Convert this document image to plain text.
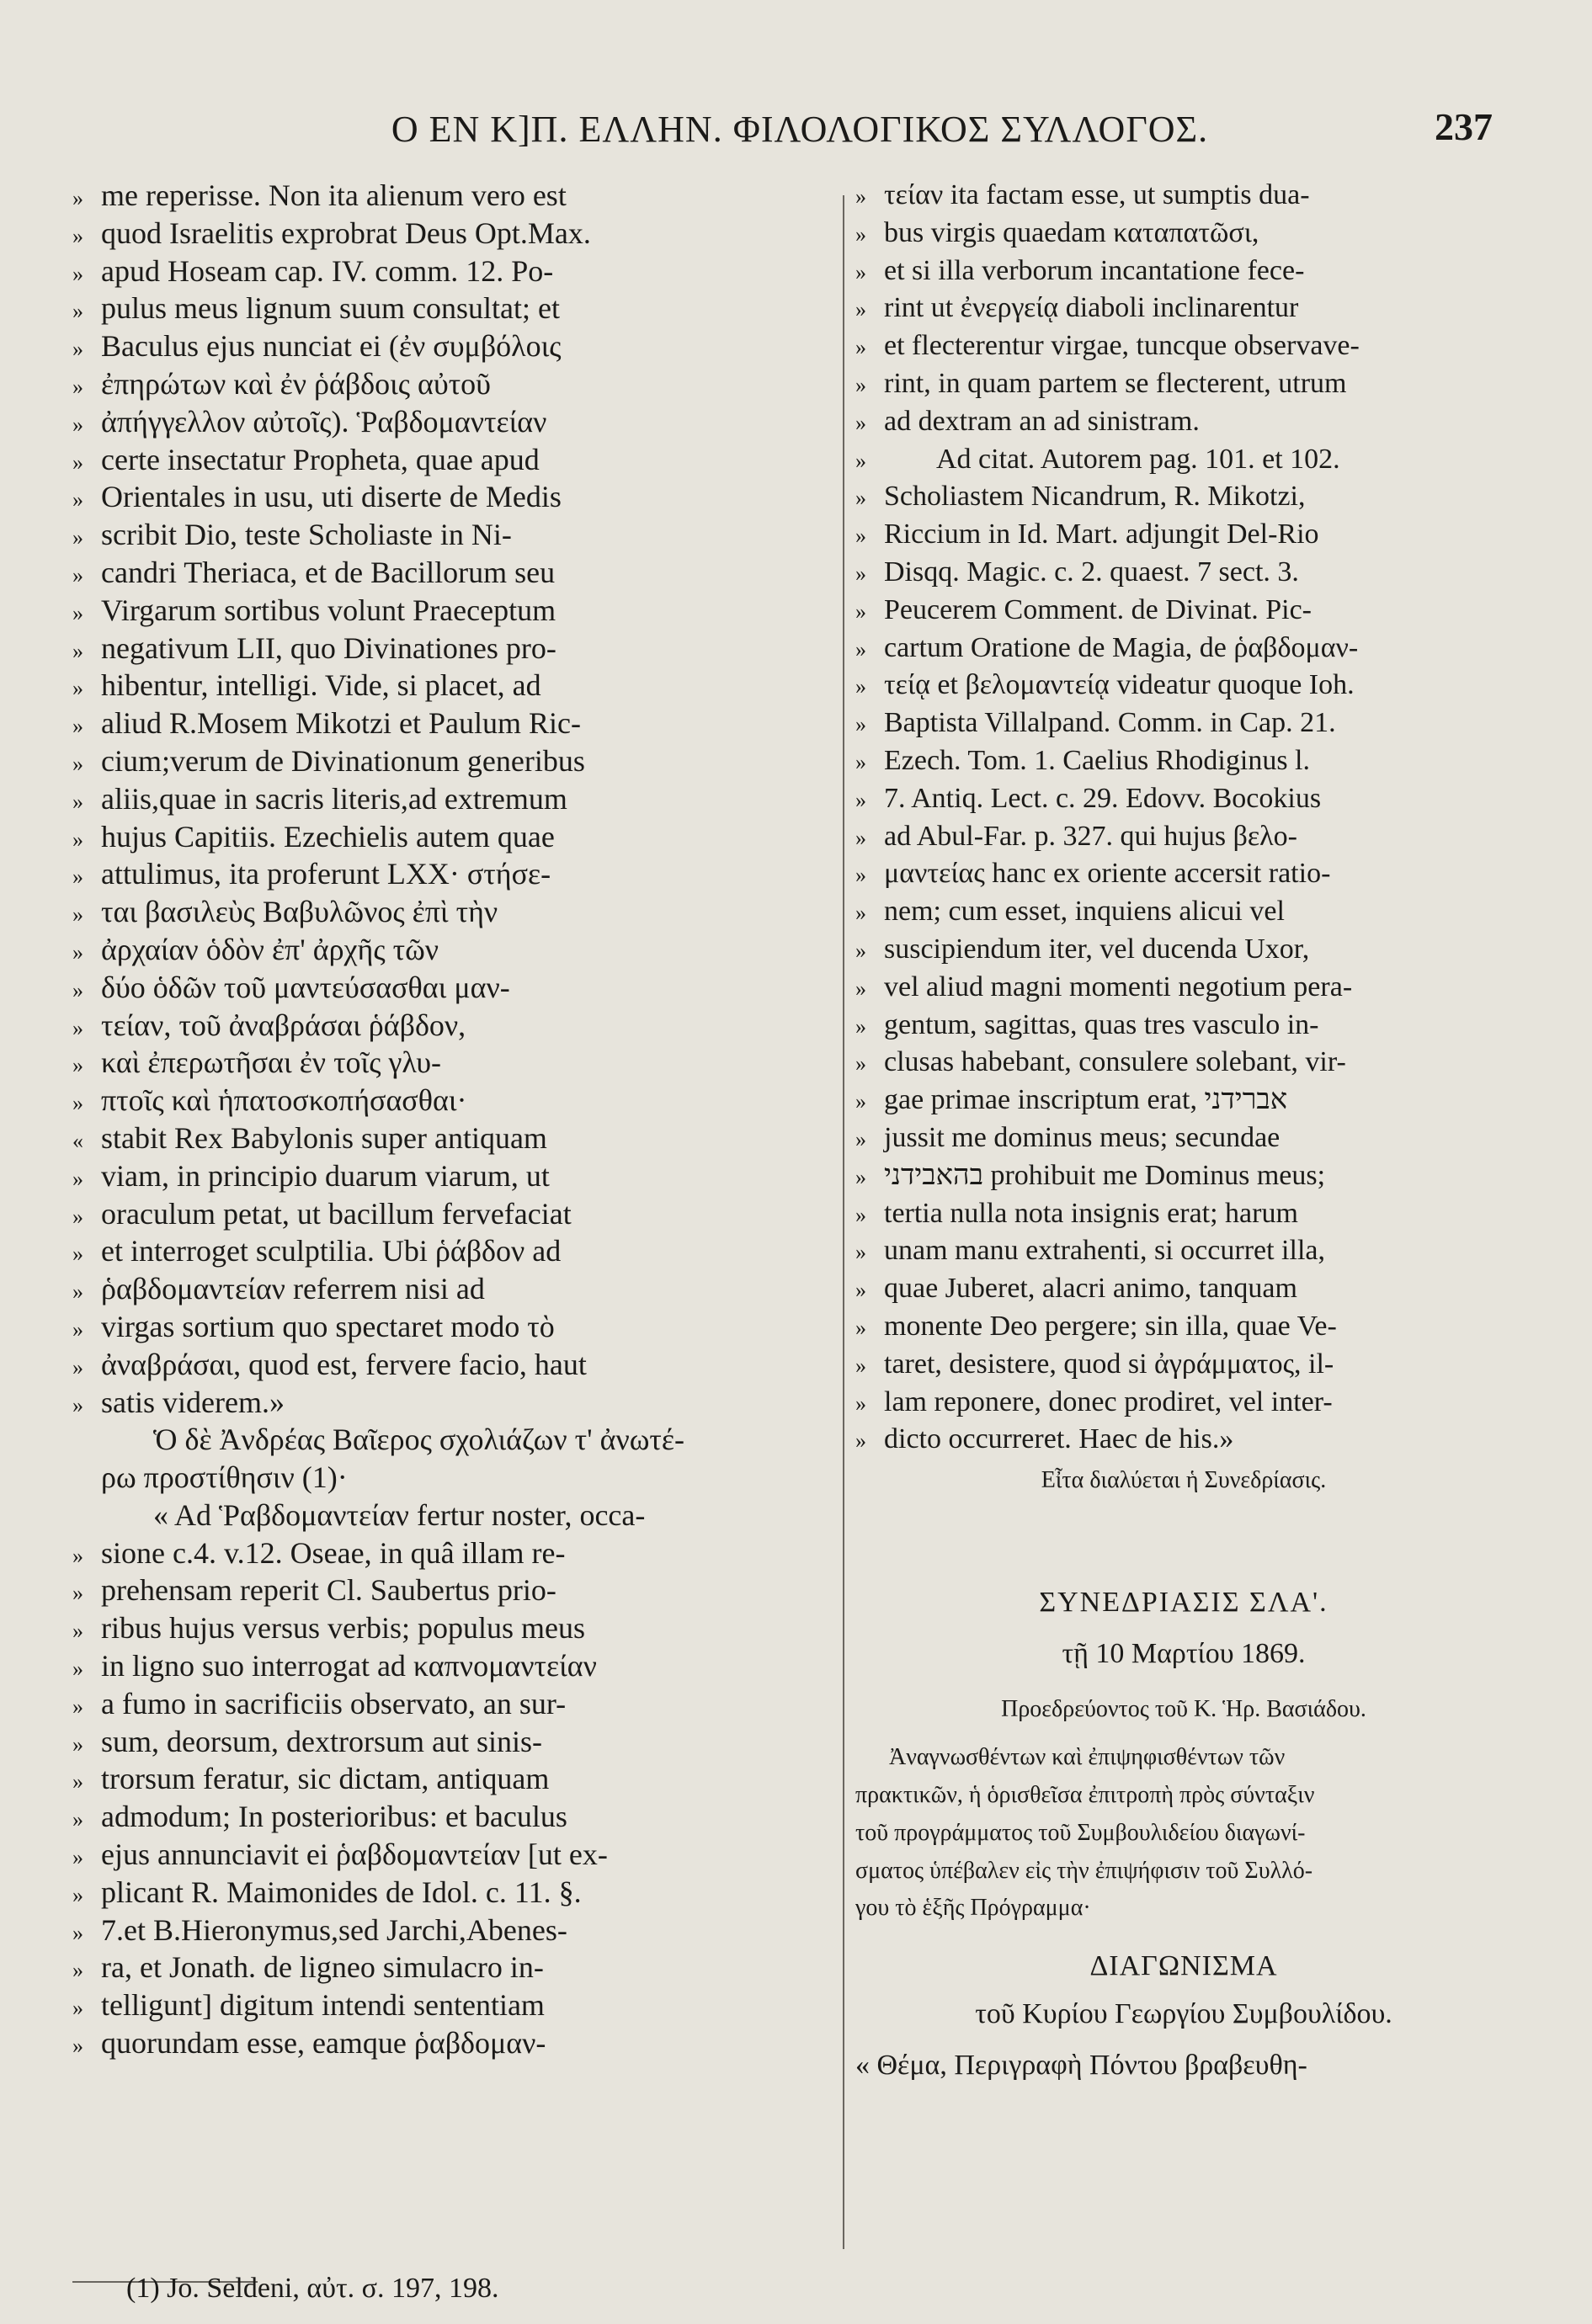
Ο ΕΝ Κ]Π. ΕΛΛΗΝ. ΦΙΛΟΛΟΓΙΚΟΣ ΣΥΛΛΟΓΟΣ.	237
» me reperisse. Non ita alienum vero est
» quod Israelitis exprobrat Deus Opt.Max.
» apud Hoseam cap. IV. comm. 12. Po-
» pulus meus lignum suum consultat; et
» Baculus ejus nunciat ei (ἐν συμβόλοις
» ἐπηρώτων καὶ ἐν ῥάβδοις αὐτοῦ
» ἀπήγγελλον αὐτοῖς). Ῥαβδομαντείαν
» certe insectatur Propheta, quae apud
» Orientales in usu, uti diserte de Medis
» scribit Dio, teste Scholiaste in Ni-
» candri Theriaca, et de Bacillorum seu
» Virgarum sortibus volunt Praeceptum
» negativum LII, quo Divinationes pro-
» hibentur, intelligi. Vide, si placet, ad
» aliud R.Mosem Mikotzi et Paulum Ric-
» cium;verum de Divinationum generibus
» aliis,quae in sacris literis,ad extremum
» hujus Capitiis. Ezechielis autem quae
» attulimus, ita proferunt LXX· στήσε-
» ται βασιλεὺς Βαβυλῶνος ἐπὶ τὴν
» ἀρχαίαν ὁδὸν ἐπ' ἀρχῆς τῶν
» δύο ὁδῶν τοῦ μαντεύσασθαι μαν-
» τείαν, τοῦ ἀναβράσαι ῥάβδον,
» καὶ ἐπερωτῆσαι ἐν τοῖς γλυ-
» πτοῖς καὶ ἡπατοσκοπήσασθαι·
« stabit Rex Babylonis super antiquam
» viam, in principio duarum viarum, ut
» oraculum petat, ut bacillum fervefaciat
» et interroget sculptilia. Ubi ῥάβδον ad
» ῥαβδομαντείαν referrem nisi ad
» virgas sortium quo spectaret modo τὸ
» ἀναβράσαι, quod est, fervere facio, haut
» satis viderem.»
Ὁ δὲ Ἀνδρέας Βαῖερος σχολιάζων τ' ἀνωτέ-
ρω προστίθησιν (1)·
« Ad Ῥαβδομαντείαν fertur noster, occa-
» sione c.4. v.12. Oseae, in quâ illam re-
» prehensam reperit Cl. Saubertus prio-
» ribus hujus versus verbis; populus meus
» in ligno suo interrogat ad καπνομαντείαν
» a fumo in sacrificiis observato, an sur-
» sum, deorsum, dextrorsum aut sinis-
» trorsum feratur, sic dictam, antiquam
» admodum; In posterioribus: et baculus
» ejus annunciavit ei ῥαβδομαντείαν [ut ex-
» plicant R. Maimonides de Idol. c. 11. §.
» 7.et B.Hieronymus,sed Jarchi,Abenes-
» ra, et Jonath. de ligneo simulacro in-
» telligunt] digitum intendi sententiam
» quorundam esse, eamque ῥαβδομαν-
» τείαν ita factam esse, ut sumptis dua-
» bus virgis quaedam καταπατῶσι,
» et si illa verborum incantatione fece-
» rint ut ἐνεργείᾳ diaboli inclinarentur
» et flecterentur virgae, tuncque observave-
» rint, in quam partem se flecterent, utrum
» ad dextram an ad sinistram.
» Ad citat. Autorem pag. 101. et 102.
» Scholiastem Nicandrum, R. Mikotzi,
» Riccium in Id. Mart. adjungit Del-Rio
» Disqq. Magic. c. 2. quaest. 7 sect. 3.
» Peucerem Comment. de Divinat. Pic-
» cartum Oratione de Magia, de ῥαβδομαν-
» τείᾳ et βελομαντείᾳ videatur quoque Ioh.
» Baptista Villalpand. Comm. in Cap. 21.
» Ezech. Tom. 1. Caelius Rhodiginus l.
» 7. Antiq. Lect. c. 29. Edovv. Bocokius
» ad Abul-Far. p. 327. qui hujus βελο-
» μαντείας hanc ex oriente accersit ratio-
» nem; cum esset, inquiens alicui vel
» suscipiendum iter, vel ducenda Uxor,
» vel aliud magni momenti negotium pera-
» gentum, sagittas, quas tres vasculo in-
» clusas habebant, consulere solebant, vir-
» gae primae inscriptum erat, אברידני
» jussit me dominus meus; secundae
» בהאבידני prohibuit me Dominus meus;
» tertia nulla nota insignis erat; harum
» unam manu extrahenti, si occurret illa,
» quae Juberet, alacri animo, tanquam
» monente Deo pergere; sin illa, quae Ve-
» taret, desistere, quod si ἀγράμματος, il-
» lam reponere, donec prodiret, vel inter-
» dicto occurreret. Haec de his.»
Εἶτα διαλύεται ἡ Συνεδρίασις.
ΣΥΝΕΔΡΙΑΣΙΣ ΣΛΑ'.
τῇ 10 Μαρτίου 1869.
Προεδρεύοντος τοῦ Κ. Ἡρ. Βασιάδου.
Ἀναγνωσθέντων καὶ ἐπιψηφισθέντων τῶν
πρακτικῶν, ἡ ὁρισθεῖσα ἐπιτροπὴ πρὸς σύνταξιν
τοῦ προγράμματος τοῦ Συμβουλιδείου διαγωνί-
σματος ὑπέβαλεν εἰς τὴν ἐπιψήφισιν τοῦ Συλλό-
γου τὸ ἑξῆς Πρόγραμμα·
ΔΙΑΓΩΝΙΣΜΑ
τοῦ Κυρίου Γεωργίου Συμβουλίδου.
« Θέμα, Περιγραφὴ Πόντου βραβευθη-
(1) Jo. Seldeni, αὐτ. σ. 197, 198.
